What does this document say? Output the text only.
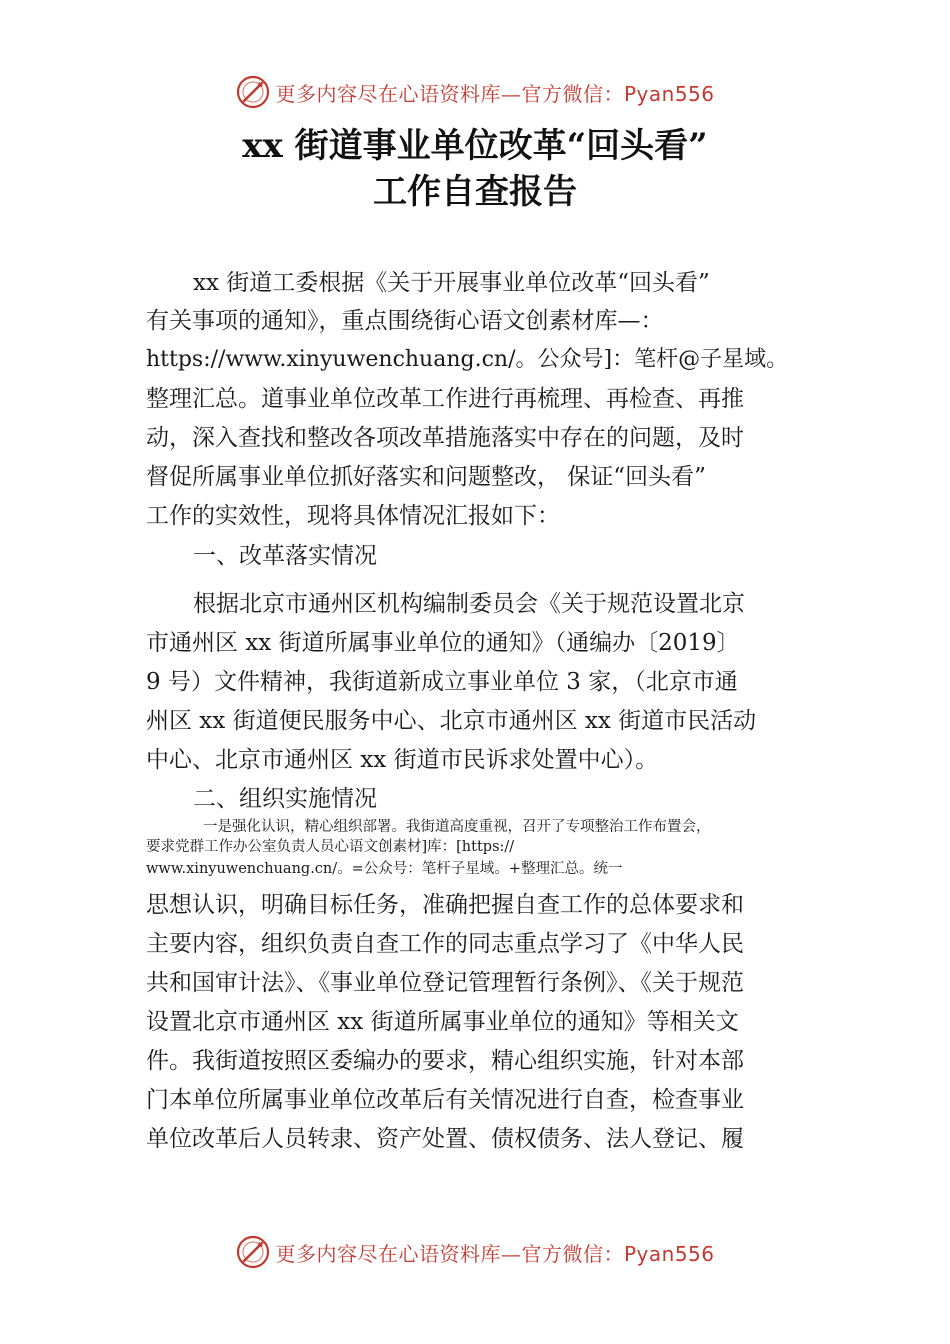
更多内容尽在心语资料库—官方微信：Pyan556
xx 街道事业单位改革“回头看”
工作自查报告
xx 街道工委根据《关于开展事业单位改革“回头看”
有关事项的通知》，重点围绕街心语文创素材库—：
https://www.xinyuwenchuang.cn/。公众号]：笔杆@子星域。
整理汇总。道事业单位改革工作进行再梳理、再检查、再推
动，深入查找和整改各项改革措施落实中存在的问题，及时
督促所属事业单位抓好落实和问题整改， 保证“回头看”
工作的实效性，现将具体情况汇报如下：
一、改革落实情况
根据北京市通州区机构编制委员会《关于规范设置北京
市通州区 xx 街道所属事业单位的通知》（通编办〔2019〕
9 号）文件精神，我街道新成立事业单位 3 家，（北京市通
州区 xx 街道便民服务中心、北京市通州区 xx 街道市民活动
中心、北京市通州区 xx 街道市民诉求处置中心）。
二、组织实施情况
一是强化认识，精心组织部署。我街道高度重视，召开了专项整治工作布置会，
要求党群工作办公室负责人员心语文创素材]库：[https://
www.xinyuwenchuang.cn/。=公众号：笔杆子星域。+整理汇总。统一
思想认识，明确目标任务，准确把握自查工作的总体要求和
主要内容，组织负责自查工作的同志重点学习了《中华人民
共和国审计法》、《事业单位登记管理暂行条例》、《关于规范
设置北京市通州区 xx 街道所属事业单位的通知》等相关文
件。我街道按照区委编办的要求，精心组织实施，针对本部
门本单位所属事业单位改革后有关情况进行自查，检查事业
单位改革后人员转隶、资产处置、债权债务、法人登记、履
更多内容尽在心语资料库—官方微信：Pyan556
